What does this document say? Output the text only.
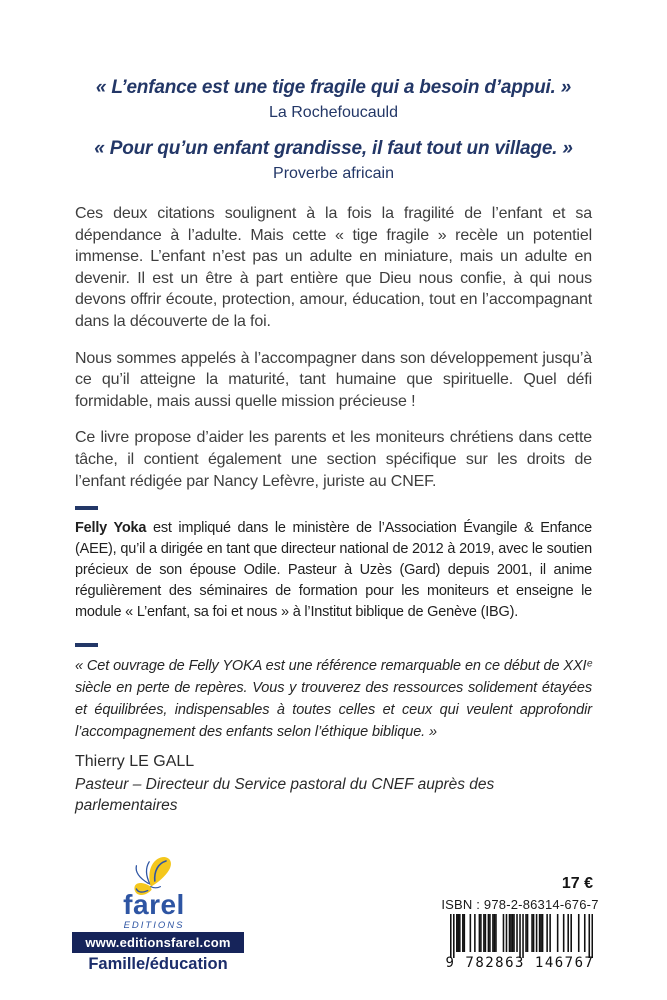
« L’enfance est une tige fragile qui a besoin d’appui. »
La Rochefoucauld
« Pour qu’un enfant grandisse, il faut tout un village. »
Proverbe africain

Ces deux citations soulignent à la fois la fragilité de l’enfant et sa dépendance à l’adulte. Mais cette « tige fragile » recèle un potentiel immense. L’enfant n’est pas un adulte en miniature, mais un adulte en devenir. Il est un être à part entière que Dieu nous confie, à qui nous devons offrir écoute, protection, amour, éducation, tout en l’accompagnant dans la découverte de la foi.

Nous sommes appelés à l’accompagner dans son développement jusqu’à ce qu’il atteigne la maturité, tant humaine que spirituelle. Quel défi formidable, mais aussi quelle mission précieuse !

Ce livre propose d’aider les parents et les moniteurs chrétiens dans cette tâche, il contient également une section spécifique sur les droits de l’enfant rédigée par Nancy Lefèvre, juriste au CNEF.

Felly Yoka est impliqué dans le ministère de l’Association Évangile & Enfance (AEE), qu’il a dirigée en tant que directeur national de 2012 à 2019, avec le soutien précieux de son épouse Odile. Pasteur à Uzès (Gard) depuis 2001, il anime régulièrement des séminaires de formation pour les moniteurs et enseigne le module « L’enfant, sa foi et nous » à l’Institut biblique de Genève (IBG).

« Cet ouvrage de Felly YOKA est une référence remarquable en ce début de XXIᵉ siècle en perte de repères. Vous y trouverez des ressources solidement étayées et équilibrées, indispensables à toutes celles et ceux qui veulent approfondir l’accompagnement des enfants selon l’éthique biblique. »

Thierry LE GALL

Pasteur – Directeur du Service pastoral du CNEF auprès des parlementaires

farel
EDITIONS
www.editionsfarel.com
Famille/éducation
17 €
ISBN : 978-2-86314-676-7
9 782863 146767
